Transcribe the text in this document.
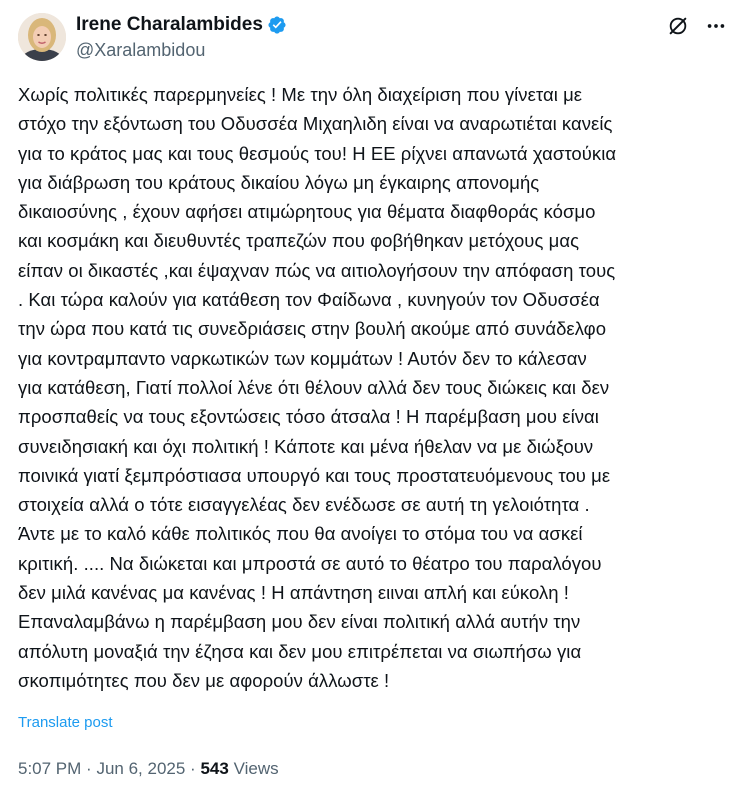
Irene Charalambides
@Xaralambidou
Χωρίς πολιτικές παρερμηνείες ! Με την όλη διαχείριση που γίνεται με
στόχο την εξόντωση του Οδυσσέα Μιχαηλιδη είναι να αναρωτιέται κανείς
για το κράτος μας και τους θεσμούς του! Η ΕΕ ρίχνει απανωτά χαστούκια
για διάβρωση του κράτους δικαίου λόγω μη έγκαιρης απονομής
δικαιοσύνης , έχουν αφήσει ατιμώρητους για θέματα διαφθοράς κόσμο
και κοσμάκη και διευθυντές τραπεζών που φοβήθηκαν μετόχους μας
είπαν οι δικαστές ,και έψαχναν πώς να αιτιολογήσουν την απόφαση τους
. Και τώρα καλούν για κατάθεση τον Φαίδωνα , κυνηγούν τον Οδυσσέα
την ώρα που κατά τις συνεδριάσεις στην βουλή ακούμε από συνάδελφο
για κοντραμπαντο ναρκωτικών των κομμάτων ! Αυτόν δεν το κάλεσαν
για κατάθεση, Γιατί πολλοί λένε ότι θέλουν αλλά δεν τους διώκεις και δεν
προσπαθείς να τους εξοντώσεις τόσο άτσαλα ! Η παρέμβαση μου είναι
συνειδησιακή και όχι πολιτική ! Κάποτε και μένα ήθελαν να με διώξουν
ποινικά γιατί ξεμπρόστιασα υπουργό και τους προστατευόμενους του με
στοιχεία αλλά ο τότε εισαγγελέας δεν ενέδωσε σε αυτή τη γελοιότητα .
Άντε με το καλό κάθε πολιτικός που θα ανοίγει το στόμα του να ασκεί
κριτική. .... Να διώκεται και μπροστά σε αυτό το θέατρο του παραλόγου
δεν μιλά κανένας μα κανένας ! Η απάντηση ειιναι απλή και εύκολη !
Επαναλαμβάνω η παρέμβαση μου δεν είναι πολιτική αλλά αυτήν την
απόλυτη μοναξιά την έζησα και δεν μου επιτρέπεται να σιωπήσω για
σκοπιμότητες που δεν με αφορούν άλλωστε !
Translate post
5:07 PM · Jun 6, 2025 · 543 Views
